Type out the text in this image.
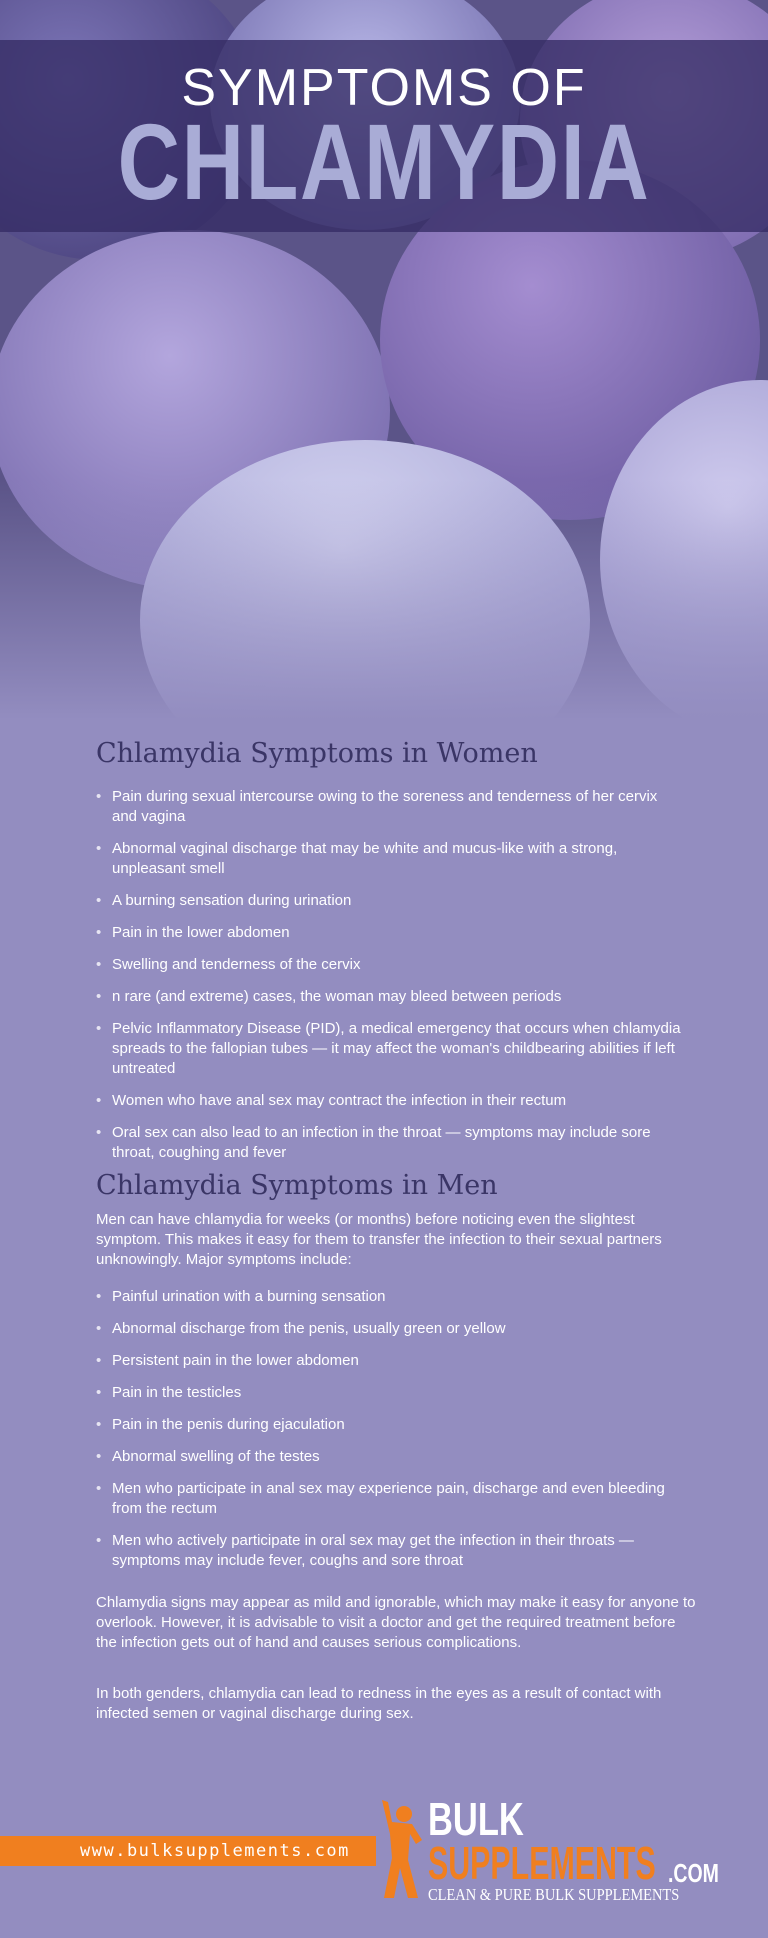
SYMPTOMS OF
CHLAMYDIA
Chlamydia Symptoms in Women
• Pain during sexual intercourse owing to the soreness and tenderness of her cervix and vagina
• Abnormal vaginal discharge that may be white and mucus-like with a strong, unpleasant smell
• A burning sensation during urination
• Pain in the lower abdomen
• Swelling and tenderness of the cervix
• n rare (and extreme) cases, the woman may bleed between periods
• Pelvic Inflammatory Disease (PID), a medical emergency that occurs when chlamydia spreads to the fallopian tubes — it may affect the woman's childbearing abilities if left untreated
• Women who have anal sex may contract the infection in their rectum
• Oral sex can also lead to an infection in the throat — symptoms may include sore throat, coughing and fever
Chlamydia Symptoms in Men

Men can have chlamydia for weeks (or months) before noticing even the slightest symptom. This makes it easy for them to transfer the infection to their sexual partners unknowingly. Major symptoms include:

• Painful urination with a burning sensation
• Abnormal discharge from the penis, usually green or yellow
• Persistent pain in the lower abdomen
• Pain in the testicles
• Pain in the penis during ejaculation
• Abnormal swelling of the testes
• Men who participate in anal sex may experience pain, discharge and even bleeding from the rectum
• Men who actively participate in oral sex may get the infection in their throats — symptoms may include fever, coughs and sore throat

Chlamydia signs may appear as mild and ignorable, which may make it easy for anyone to overlook. However, it is advisable to visit a doctor and get the required treatment before the infection gets out of hand and causes serious complications.

In both genders, chlamydia can lead to redness in the eyes as a result of contact with infected semen or vaginal discharge during sex.

www.bulksupplements.com
BULK
SUPPLEMENTS .COM
CLEAN & PURE BULK SUPPLEMENTS
